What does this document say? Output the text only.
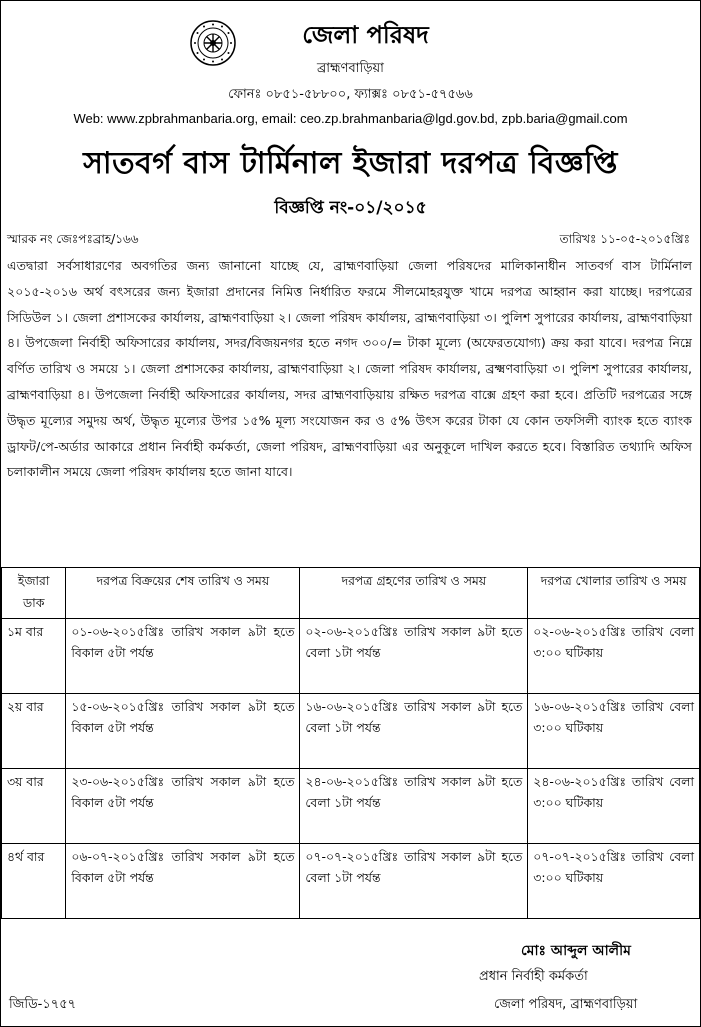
জেলা পরিষদ
ব্রাহ্মণবাড়িয়া
ফোনঃ ০৮৫১-৫৮৮০০, ফ্যাক্সঃ ০৮৫১-৫৭৫৬৬
Web: www.zpbrahmanbaria.org, email: ceo.zp.brahmanbaria@lgd.gov.bd, zpb.baria@gmail.com
সাতবর্গ বাস টার্মিনাল ইজারা দরপত্র বিজ্ঞপ্তি
বিজ্ঞপ্তি নং-০১/২০১৫
স্মারক নং জেঃপঃব্রাহ/১৬৬	তারিখঃ ১১-০৫-২০১৫খ্রিঃ
এতদ্বারা সর্বসাধারণের অবগতির জন্য জানানো যাচ্ছে যে, ব্রাহ্মণবাড়িয়া জেলা পরিষদের মালিকানাধীন সাতবর্গ বাস টার্মিনাল ২০১৫-২০১৬ অর্থ বৎসরের জন্য ইজারা প্রদানের নিমিত্ত নির্ধারিত ফরমে সীলমোহরযুক্ত খামে দরপত্র আহ্বান করা যাচ্ছে। দরপত্রের সিডিউল ১। জেলা প্রশাসকের কার্যালয়, ব্রাহ্মণবাড়িয়া ২। জেলা পরিষদ কার্যালয়, ব্রাহ্মণবাড়িয়া ৩। পুলিশ সুপারের কার্যালয়, ব্রাহ্মণবাড়িয়া ৪। উপজেলা নির্বাহী অফিসারের কার্যালয়, সদর/বিজয়নগর হতে নগদ ৩০০/= টাকা মূল্যে (অফেরতযোগ্য) ক্রয় করা যাবে। দরপত্র নিম্নে বর্ণিত তারিখ ও সময়ে ১। জেলা প্রশাসকের কার্যালয়, ব্রাহ্মণবাড়িয়া ২। জেলা পরিষদ কার্যালয়, ব্রক্ষ্মণবাড়িয়া ৩। পুলিশ সুপারের কার্যালয়, ব্রাহ্মণবাড়িয়া ৪। উপজেলা নির্বাহী অফিসারের কার্যালয়, সদর ব্রাহ্মণবাড়িয়ায় রক্ষিত দরপত্র বাক্সে গ্রহণ করা হবে। প্রতিটি দরপত্রের সঙ্গে উদ্ধৃত মূল্যের সমুদয় অর্থ, উদ্ধৃত মূল্যের উপর ১৫% মূল্য সংযোজন কর ও ৫% উৎস করের টাকা যে কোন তফসিলী ব্যাংক হতে ব্যাংক ড্রাফট/পে-অর্ডার আকারে প্রধান নির্বাহী কর্মকর্তা, জেলা পরিষদ, ব্রাহ্মণবাড়িয়া এর অনুকূলে দাখিল করতে হবে। বিস্তারিত তথ্যাদি অফিস চলাকালীন সময়ে জেলা পরিষদ কার্যালয় হতে জানা যাবে।
ইজারা ডাক	দরপত্র বিক্রয়ের শেষ তারিখ ও সময়	দরপত্র গ্রহণের তারিখ ও সময়	দরপত্র খোলার তারিখ ও সময়
১ম বার	০১-০৬-২০১৫খ্রিঃ তারিখ সকাল ৯টা হতে বিকাল ৫টা পর্যন্ত	০২-০৬-২০১৫খ্রিঃ তারিখ সকাল ৯টা হতে বেলা ১টা পর্যন্ত	০২-০৬-২০১৫খ্রিঃ তারিখ বেলা ৩:০০ ঘটিকায়
২য় বার	১৫-০৬-২০১৫খ্রিঃ তারিখ সকাল ৯টা হতে বিকাল ৫টা পর্যন্ত	১৬-০৬-২০১৫খ্রিঃ তারিখ সকাল ৯টা হতে বেলা ১টা পর্যন্ত	১৬-০৬-২০১৫খ্রিঃ তারিখ বেলা ৩:০০ ঘটিকায়
৩য় বার	২৩-০৬-২০১৫খ্রিঃ তারিখ সকাল ৯টা হতে বিকাল ৫টা পর্যন্ত	২৪-০৬-২০১৫খ্রিঃ তারিখ সকাল ৯টা হতে বেলা ১টা পর্যন্ত	২৪-০৬-২০১৫খ্রিঃ তারিখ বেলা ৩:০০ ঘটিকায়
৪র্থ বার	০৬-০৭-২০১৫খ্রিঃ তারিখ সকাল ৯টা হতে বিকাল ৫টা পর্যন্ত	০৭-০৭-২০১৫খ্রিঃ তারিখ সকাল ৯টা হতে বেলা ১টা পর্যন্ত	০৭-০৭-২০১৫খ্রিঃ তারিখ বেলা ৩:০০ ঘটিকায়
মোঃ আব্দুল আলীম
প্রধান নির্বাহী কর্মকর্তা
জেলা পরিষদ, ব্রাহ্মণবাড়িয়া
জিডি-১৭৫৭
